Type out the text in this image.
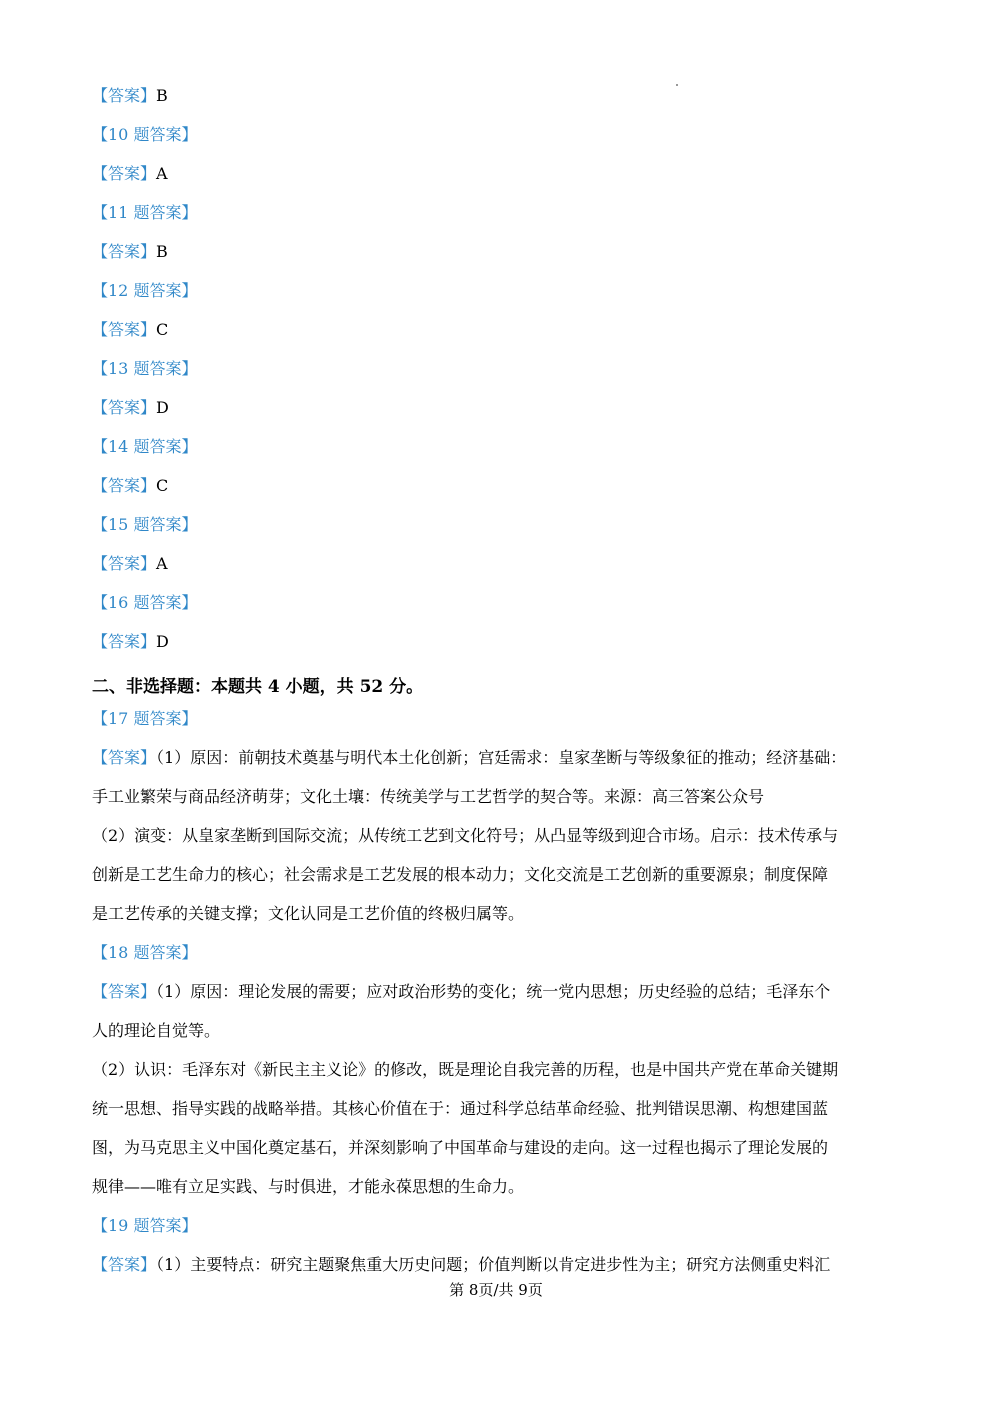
【答案】B
【10 题答案】
【答案】A
【11 题答案】
【答案】B
【12 题答案】
【答案】C
【13 题答案】
【答案】D
【14 题答案】
【答案】C
【15 题答案】
【答案】A
【16 题答案】
【答案】D
二、非选择题：本题共 4 小题，共 52 分。
【17 题答案】
【答案】（1）原因：前朝技术奠基与明代本土化创新；宫廷需求：皇家垄断与等级象征的推动；经济基础：
手工业繁荣与商品经济萌芽；文化土壤：传统美学与工艺哲学的契合等。来源：高三答案公众号
（2）演变：从皇家垄断到国际交流；从传统工艺到文化符号；从凸显等级到迎合市场。启示：技术传承与
创新是工艺生命力的核心；社会需求是工艺发展的根本动力；文化交流是工艺创新的重要源泉；制度保障
是工艺传承的关键支撑；文化认同是工艺价值的终极归属等。
【18 题答案】
【答案】（1）原因：理论发展的需要；应对政治形势的变化；统一党内思想；历史经验的总结；毛泽东个
人的理论自觉等。
（2）认识：毛泽东对《新民主主义论》的修改，既是理论自我完善的历程，也是中国共产党在革命关键期
统一思想、指导实践的战略举措。其核心价值在于：通过科学总结革命经验、批判错误思潮、构想建国蓝
图，为马克思主义中国化奠定基石，并深刻影响了中国革命与建设的走向。这一过程也揭示了理论发展的
规律——唯有立足实践、与时俱进，才能永葆思想的生命力。
【19 题答案】
【答案】（1）主要特点：研究主题聚焦重大历史问题；价值判断以肯定进步性为主；研究方法侧重史料汇
第 8页/共 9页
